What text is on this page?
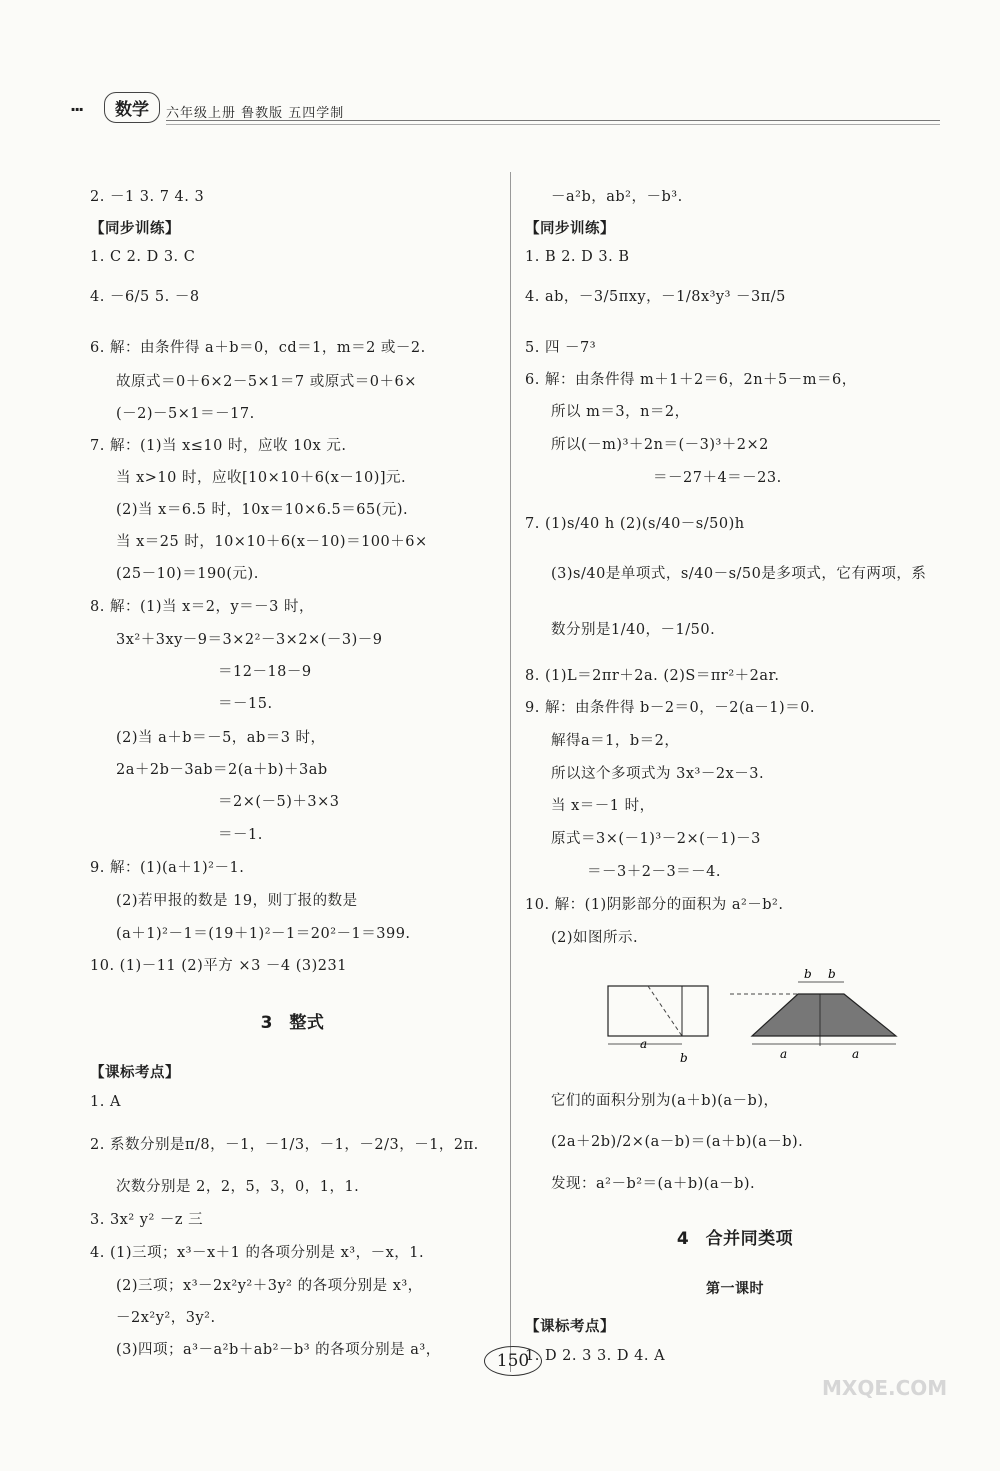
···	数学	六年级上册 鲁教版 五四学制
2. －1 3. 7 4. 3
【同步训练】
1. C 2. D 3. C
4. －6/5 5. －8
6. 解：由条件得 a＋b＝0，cd＝1，m＝2 或－2.
故原式＝0＋6×2－5×1＝7 或原式＝0＋6×
(－2)－5×1＝－17.
7. 解：(1)当 x≤10 时，应收 10x 元.
当 x>10 时，应收[10×10＋6(x－10)]元.
(2)当 x＝6.5 时，10x＝10×6.5＝65(元).
当 x＝25 时，10×10＋6(x－10)＝100＋6×
(25－10)＝190(元).
8. 解：(1)当 x＝2，y＝－3 时，
3x²＋3xy－9＝3×2²－3×2×(－3)－9
＝12－18－9
＝－15.
(2)当 a＋b＝－5，ab＝3 时，
2a＋2b－3ab＝2(a＋b)＋3ab
＝2×(－5)＋3×3
＝－1.
9. 解：(1)(a＋1)²－1.
(2)若甲报的数是 19，则丁报的数是
(a＋1)²－1＝(19＋1)²－1＝20²－1＝399.
10. (1)－11 (2)平方 ×3 －4 (3)231
3 整式
【课标考点】
1. A
2. 系数分别是π/8，－1，－1/3，－1，－2/3，－1，2π.
次数分别是 2，2，5，3，0，1，1.
3. 3x² y² －z 三
4. (1)三项；x³－x＋1 的各项分别是 x³，－x，1.
(2)三项；x³－2x²y²＋3y² 的各项分别是 x³，
－2x²y²，3y².
(3)四项；a³－a²b＋ab²－b³ 的各项分别是 a³，
－a²b，ab²，－b³.
【同步训练】
1. B 2. D 3. B
4. ab，－3/5πxy，－1/8x³y³ －3π/5
5. 四 －7³
6. 解：由条件得 m＋1＋2＝6，2n＋5－m＝6，
所以 m＝3，n＝2，
所以(－m)³＋2n＝(－3)³＋2×2
＝－27＋4＝－23.
7. (1)s/40 h (2)(s/40－s/50)h
(3)s/40是单项式，s/40－s/50是多项式，它有两项，系
数分别是1/40，－1/50.
8. (1)L＝2πr＋2a. (2)S＝πr²＋2ar.
9. 解：由条件得 b－2＝0，－2(a－1)＝0.
解得a＝1，b＝2，
所以这个多项式为 3x³－2x－3.
当 x＝－1 时，
原式＝3×(－1)³－2×(－1)－3
＝－3＋2－3＝－4.
10. 解：(1)阴影部分的面积为 a²－b².
(2)如图所示.
它们的面积分别为(a＋b)(a－b)，
(2a＋2b)/2×(a－b)＝(a＋b)(a－b).
发现：a²－b²＝(a＋b)(a－b).
4 合并同类项
第一课时
【课标考点】
1. D 2. 3 3. D 4. A
a
b
b b
a	a
150
MXQE.COM
